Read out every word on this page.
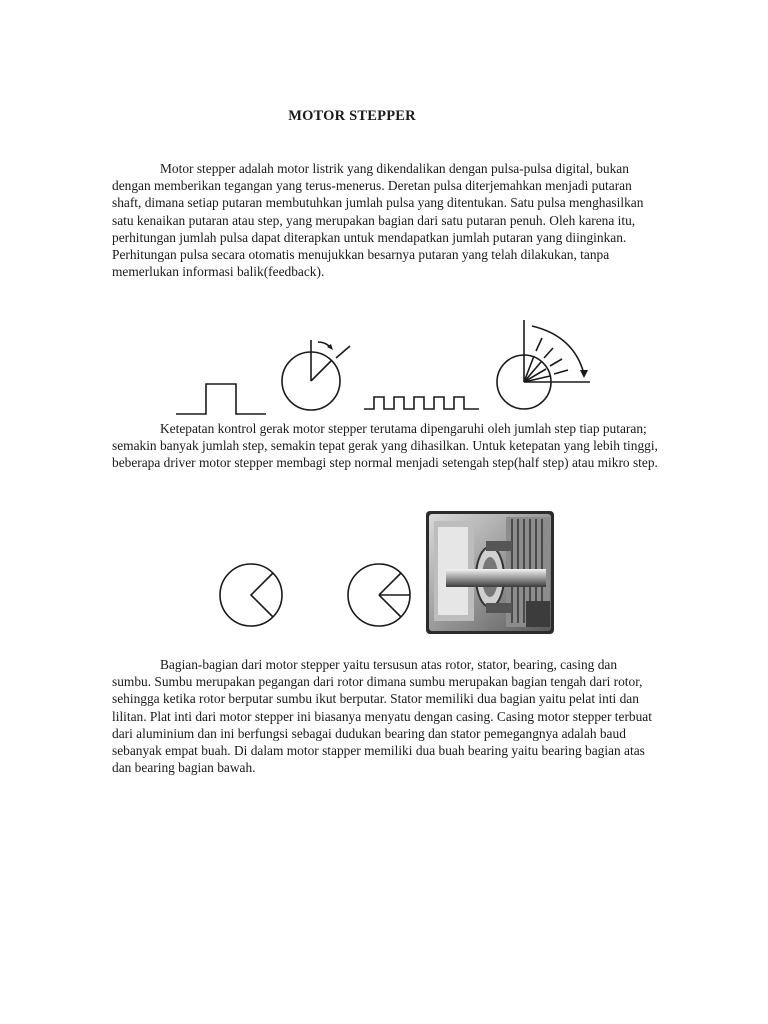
MOTOR STEPPER

Motor stepper adalah motor listrik yang dikendalikan dengan pulsa-pulsa digital, bukan dengan memberikan tegangan yang terus-menerus. Deretan pulsa diterjemahkan menjadi putaran shaft, dimana setiap putaran membutuhkan jumlah pulsa yang ditentukan. Satu pulsa menghasilkan satu kenaikan putaran atau step, yang merupakan bagian dari satu putaran penuh. Oleh karena itu, perhitungan jumlah pulsa dapat diterapkan untuk mendapatkan jumlah putaran yang diinginkan. Perhitungan pulsa secara otomatis menujukkan besarnya putaran yang telah dilakukan, tanpa memerlukan informasi balik(feedback).

Ketepatan kontrol gerak motor stepper terutama dipengaruhi oleh jumlah step tiap putaran; semakin banyak jumlah step, semakin tepat gerak yang dihasilkan. Untuk ketepatan yang lebih tinggi, beberapa driver motor stepper membagi step normal menjadi setengah step(half step) atau mikro step.

Bagian-bagian dari motor stepper yaitu tersusun atas rotor, stator, bearing, casing dan sumbu. Sumbu merupakan pegangan dari rotor dimana sumbu merupakan bagian tengah dari rotor, sehingga ketika rotor berputar sumbu ikut berputar. Stator memiliki dua bagian yaitu pelat inti dan lilitan. Plat inti dari motor stepper ini biasanya menyatu dengan casing. Casing motor stepper terbuat dari aluminium dan ini berfungsi sebagai dudukan bearing dan stator pemegangnya adalah baud sebanyak empat buah. Di dalam motor stapper memiliki dua buah bearing yaitu bearing bagian atas dan bearing bagian bawah.
